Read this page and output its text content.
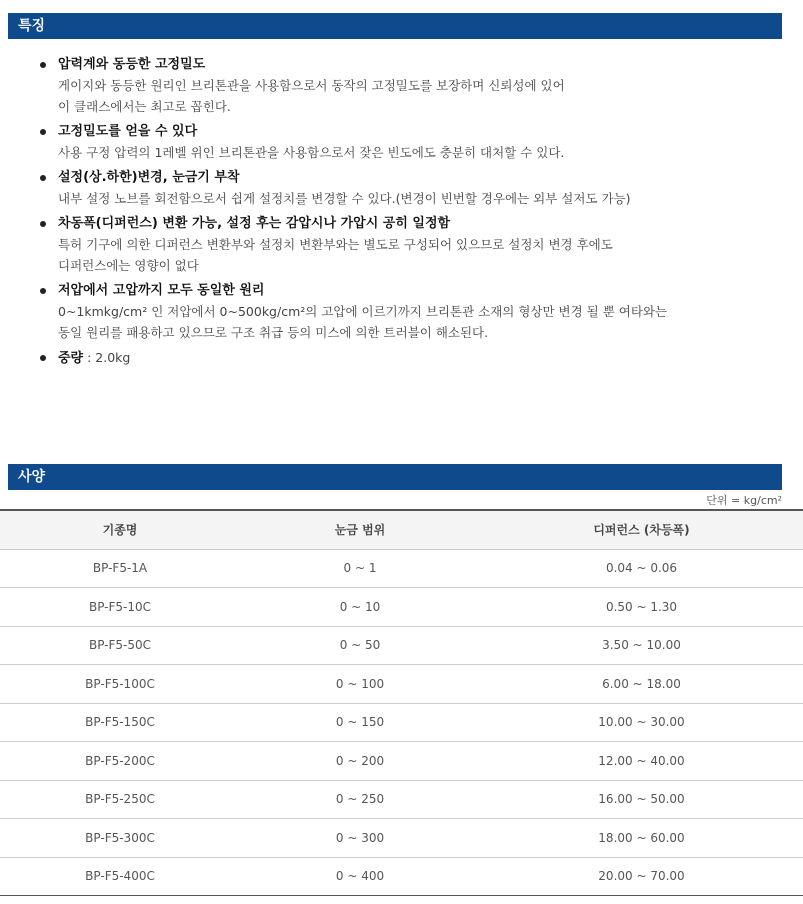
특징
압력계와 동등한 고정밀도
게이지와 동등한 원리인 브리톤관을 사용함으로서 동작의 고정밀도를 보장하며 신뢰성에 있어
이 클래스에서는 최고로 꼽힌다.
고정밀도를 얻을 수 있다
사용 구정 압력의 1레벨 위인 브리톤관을 사용함으로서 잦은 빈도에도 충분히 대처할 수 있다.
설정(상.하한)변경, 눈금기 부착
내부 설정 노브를 회전함으로서 쉽게 설정치를 변경할 수 있다.(변경이 빈번할 경우에는 외부 설저도 가능)
차동폭(디퍼런스) 변환 가능, 설정 후는 감압시나 가압시 공히 일정함
특허 기구에 의한 디퍼런스 변환부와 설정치 변환부와는 별도로 구성되어 있으므로 설정치 변경 후에도
디퍼런스에는 영향이 없다
저압에서 고압까지 모두 동일한 원리
0~1kmkg/cm² 인 저압에서 0~500kg/cm²의 고압에 이르기까지 브리톤관 소재의 형상만 변경 될 뿐 여타와는
동일 원리를 패용하고 있으므로 구조 취급 등의 미스에 의한 트러블이 해소된다.
중량 : 2.0kg
사양
단위 = kg/cm²
기종명	눈금 범위	디퍼런스 (차등폭)
BP-F5-1A	0 ~ 1	0.04 ~ 0.06
BP-F5-10C	0 ~ 10	0.50 ~ 1.30
BP-F5-50C	0 ~ 50	3.50 ~ 10.00
BP-F5-100C	0 ~ 100	6.00 ~ 18.00
BP-F5-150C	0 ~ 150	10.00 ~ 30.00
BP-F5-200C	0 ~ 200	12.00 ~ 40.00
BP-F5-250C	0 ~ 250	16.00 ~ 50.00
BP-F5-300C	0 ~ 300	18.00 ~ 60.00
BP-F5-400C	0 ~ 400	20.00 ~ 70.00
